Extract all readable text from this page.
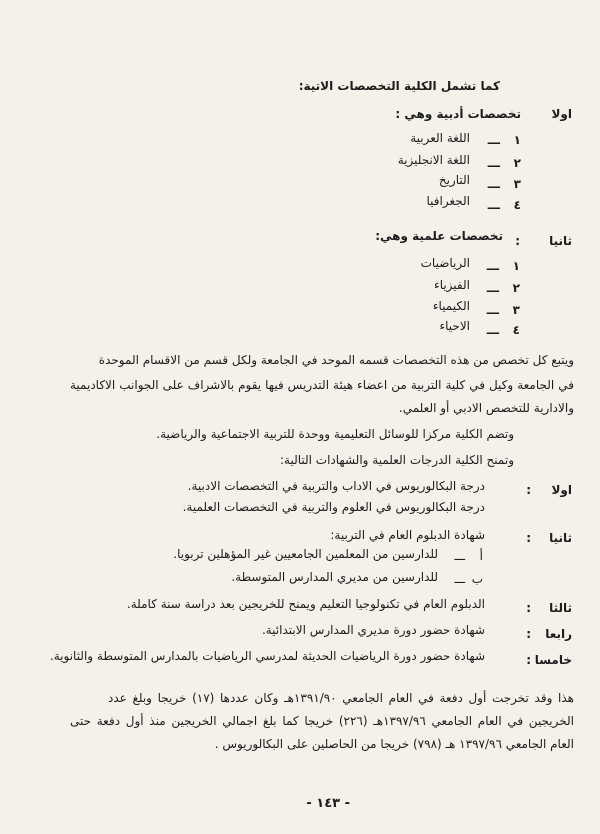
كما تشمل الكلية التخصصات الاتية:
اولا
تخصصات أدبية وهي :
١
ـــ
اللغة العربية
٢
ـــ
اللغة الانجليزية
٣
ـــ
التاريخ
٤
ـــ
الجغرافيا
ثانيا
:
تخصصات علمية وهي:
١
ـــ
الرياضيات
٢
ـــ
الفيزياء
٣
ـــ
الكيمياء
٤
ـــ
الاحياء
ويتبع كل تخصص من هذه التخصصات قسمه الموحد في الجامعة ولكل قسم من الاقسام الموحدة
في الجامعة وكيل في كلية التربية من اعضاء هيئة التدريس فيها يقوم بالاشراف على الجوانب الاكاديمية
والادارية للتخصص الادبي أو العلمي.
وتضم الكلية مركزا للوسائل التعليمية ووحدة للتربية الاجتماعية والرياضية.
وتمنح الكلية الدرجات العلمية والشهادات التالية:
اولا
:
درجة البكالوريوس في الاداب والتربية في التخصصات الادبية.
درجة البكالوريوس في العلوم والتربية في التخصصات العلمية.
ثانيا
:
شهادة الدبلوم العام في التربية:
أ
ـــ
للدارسين من المعلمين الجامعيين غير المؤهلين تربويا.
ب
ـــ
للدارسين من مديري المدارس المتوسطة.
ثالثا
:
الدبلوم العام في تكنولوجيا التعليم ويمنح للخريجين بعد دراسة سنة كاملة.
رابعا
:
شهادة حضور دورة مديري المدارس الابتدائية.
خامسا
:
شهادة حضور دورة الرياضيات الحديثة لمدرسي الرياضيات بالمدارس المتوسطة والثانوية.
هذا وقد تخرجت أول دفعة في العام الجامعي ١٣٩١/٩٠هـ وكان عددها (١٧) خريجا وبلغ عدد
الخريجين في العام الجامعي ١٣٩٧/٩٦هـ (٢٢٦) خريجا كما بلغ اجمالي الخريجين منذ أول دفعة حتى
العام الجامعي ١٣٩٧/٩٦ هـ (٧٩٨) خريجا من الحاصلين على البكالوريوس .
- ١٤٣ -
